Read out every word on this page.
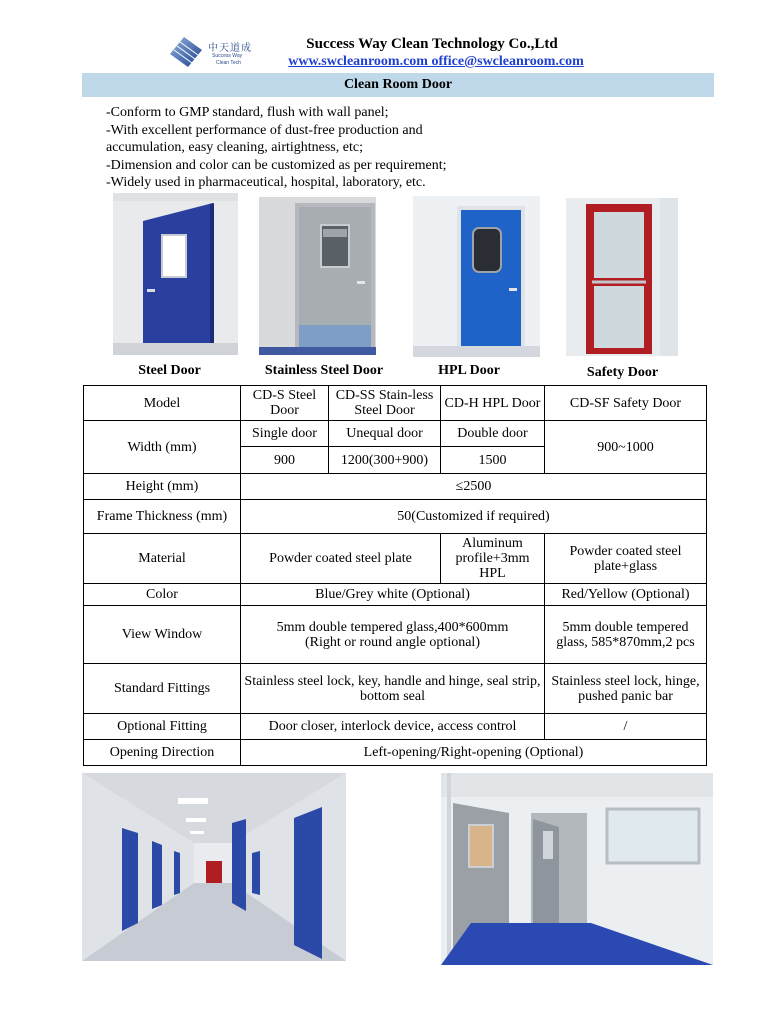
中天道成
Success Way
Clean Tech
Success Way Clean Technology Co.,Ltd
www.swcleanroom.com office@swcleanroom.com
Clean Room Door
-Conform to GMP standard, flush with wall panel;
-With excellent performance of dust-free production and
accumulation, easy cleaning, airtightness, etc;
-Dimension and color can be customized as per requirement;
-Widely used in pharmaceutical, hospital, laboratory, etc.
Steel Door	Stainless Steel Door	HPL Door	Safety Door
Model	CD-S Steel Door	CD-SS Stain-less Steel Door	CD-H HPL Door	CD-SF Safety Door
Width (mm)	Single door	Unequal door	Double door	900~1000
	900	1200(300+900)	1500	
Height (mm)	≤2500			
Frame Thickness (mm)	50(Customized if required)			
Material	Powder coated steel plate		Aluminum profile+3mm HPL	Powder coated steel plate+glass
Color	Blue/Grey white (Optional)			Red/Yellow (Optional)
View Window	5mm double tempered glass,400*600mm
(Right or round angle optional)			5mm double tempered glass, 585*870mm,2 pcs
Standard Fittings	Stainless steel lock, key, handle and hinge, seal strip, bottom seal			Stainless steel lock, hinge, pushed panic bar
Optional Fitting	Door closer, interlock device, access control			/
Opening Direction	Left-opening/Right-opening (Optional)			
